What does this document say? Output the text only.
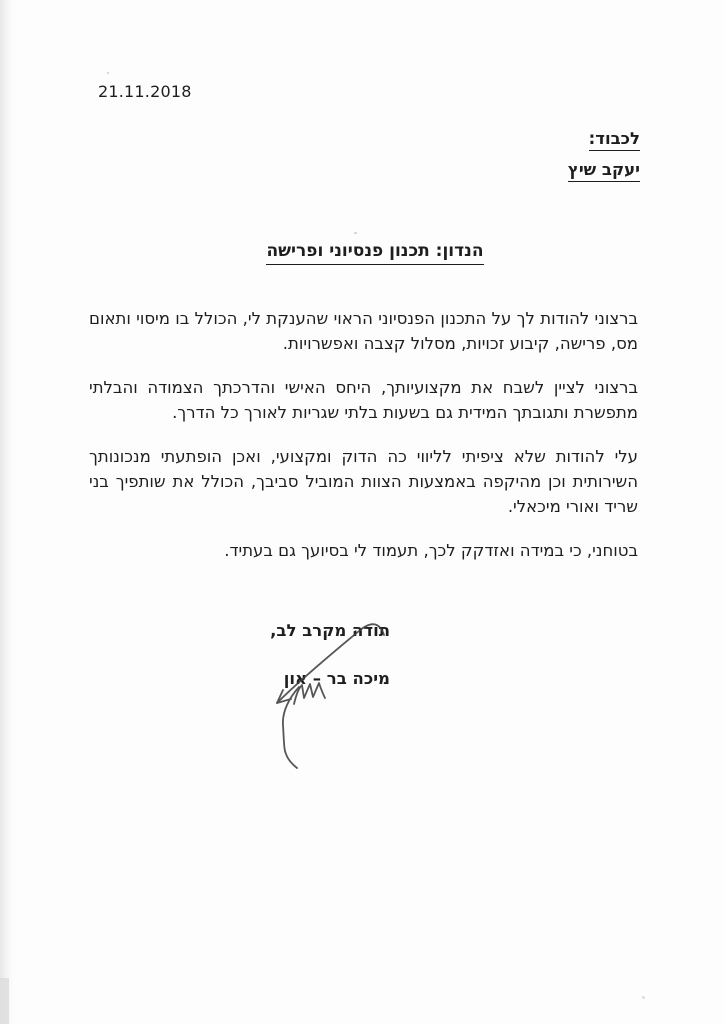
21.11.2018
לכבוד:
יעקב שיץ
הנדון: תכנון פנסיוני ופרישה

ברצוני להודות לך על התכנון הפנסיוני הראוי שהענקת לי, הכולל בו מיסוי ותאום מס, פרישה, קיבוע זכויות, מסלול קצבה ואפשרויות.

ברצוני לציין לשבח את מקצועיותך, היחס האישי והדרכתך הצמודה והבלתי מתפשרת ותגובתך המידית גם בשעות בלתי שגריות לאורך כל הדרך.

עלי להודות שלא ציפיתי לליווי כה הדוק ומקצועי, ואכן הופתעתי מנכונותך השירותית וכן מהיקפה באמצעות הצוות המוביל סביבך, הכולל את שותפיך בני שריד ואורי מיכאלי.

בטוחני, כי במידה ואזדקק לכך, תעמוד לי בסיועך גם בעתיד.

תודה מקרב לב,
מיכה בר – און
